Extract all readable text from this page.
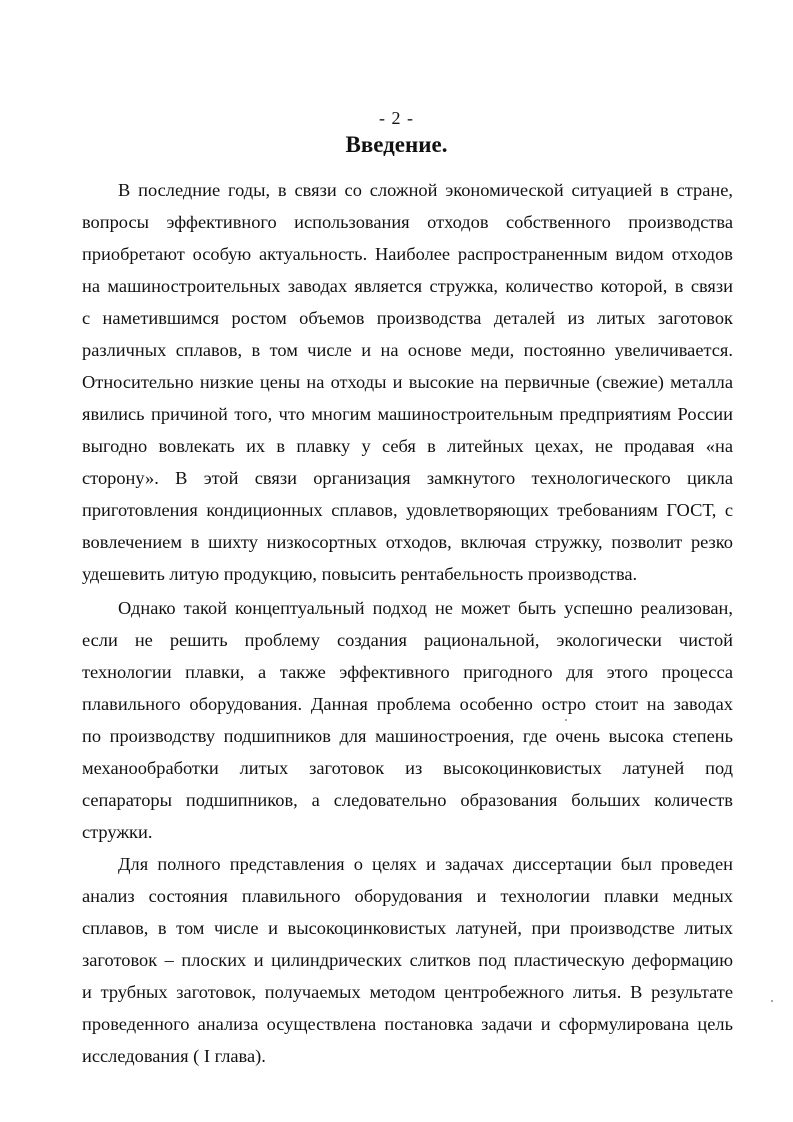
- 2 -
Введение.
В последние годы, в связи со сложной экономической ситуацией в стране,
вопросы эффективного использования отходов собственного производства
приобретают особую актуальность. Наиболее распространенным видом отходов
на машиностроительных заводах является стружка, количество которой, в связи
с наметившимся ростом объемов производства деталей из литых заготовок
различных сплавов, в том числе и на основе меди, постоянно увеличивается.
Относительно низкие цены на отходы и высокие на первичные (свежие) металла
явились причиной того, что многим машиностроительным предприятиям России
выгодно вовлекать их в плавку у себя в литейных цехах, не продавая «на
сторону». В этой связи организация замкнутого технологического цикла
приготовления кондиционных сплавов, удовлетворяющих требованиям ГОСТ, с
вовлечением в шихту низкосортных отходов, включая стружку, позволит резко
удешевить литую продукцию, повысить рентабельность производства.
Однако такой концептуальный подход не может быть успешно реализован,
если не решить проблему создания рациональной, экологически чистой
технологии плавки, а также эффективного пригодного для этого процесса
плавильного оборудования. Данная проблема особенно остро стоит на заводах
по производству подшипников для машиностроения, где очень высока степень
механообработки литых заготовок из высокоцинковистых латуней под
сепараторы подшипников, а следовательно образования больших количеств
стружки.
Для полного представления о целях и задачах диссертации был проведен
анализ состояния плавильного оборудования и технологии плавки медных
сплавов, в том числе и высокоцинковистых латуней, при производстве литых
заготовок – плоских и цилиндрических слитков под пластическую деформацию
и трубных заготовок, получаемых методом центробежного литья. В результате
проведенного анализа осуществлена постановка задачи и сформулирована цель
исследования ( I глава).
